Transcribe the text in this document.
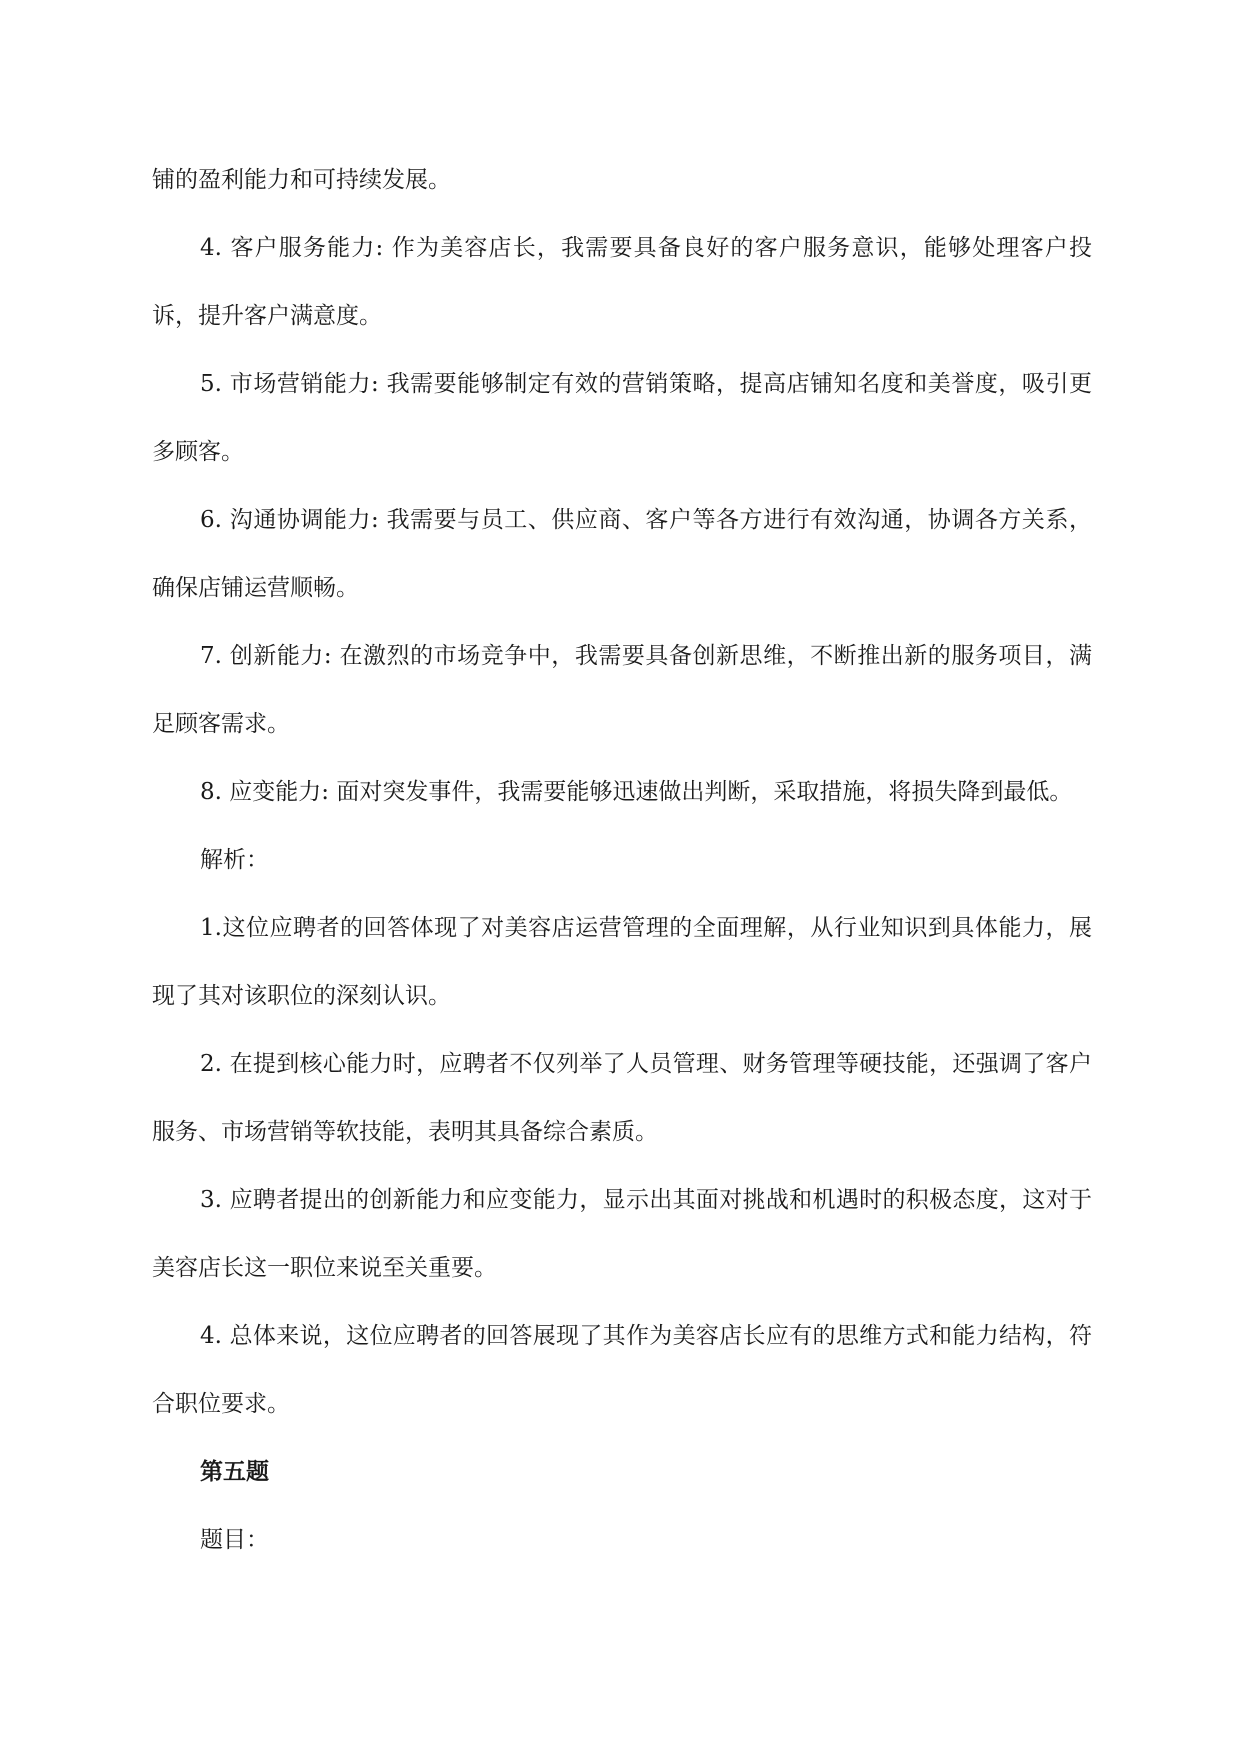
铺的盈利能力和可持续发展。

4. 客户服务能力: 作为美容店长，我需要具备良好的客户服务意识，能够处理客户投诉，提升客户满意度。

5. 市场营销能力: 我需要能够制定有效的营销策略，提高店铺知名度和美誉度，吸引更多顾客。

6. 沟通协调能力: 我需要与员工、供应商、客户等各方进行有效沟通，协调各方关系，确保店铺运营顺畅。

7. 创新能力: 在激烈的市场竞争中，我需要具备创新思维，不断推出新的服务项目，满足顾客需求。

8. 应变能力: 面对突发事件，我需要能够迅速做出判断，采取措施，将损失降到最低。

解析：

1.这位应聘者的回答体现了对美容店运营管理的全面理解，从行业知识到具体能力，展现了其对该职位的深刻认识。

2. 在提到核心能力时，应聘者不仅列举了人员管理、财务管理等硬技能，还强调了客户服务、市场营销等软技能，表明其具备综合素质。

3. 应聘者提出的创新能力和应变能力，显示出其面对挑战和机遇时的积极态度，这对于美容店长这一职位来说至关重要。

4. 总体来说，这位应聘者的回答展现了其作为美容店长应有的思维方式和能力结构，符合职位要求。

第五题

题目：
